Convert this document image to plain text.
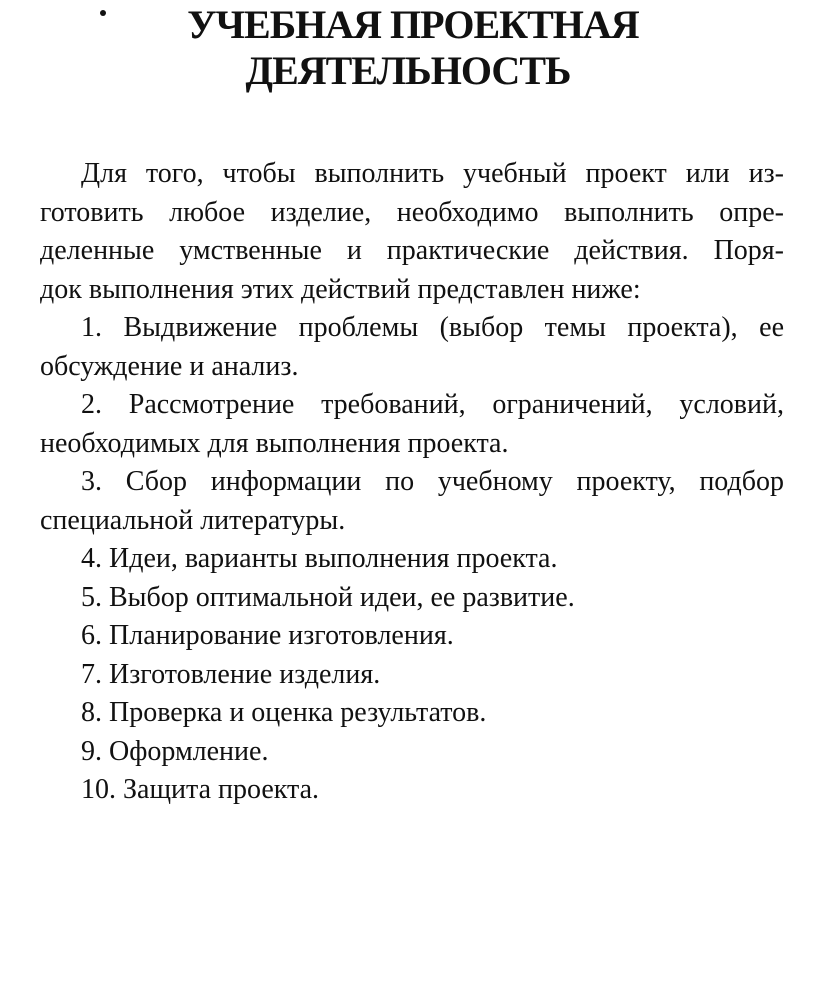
УЧЕБНАЯ ПРОЕКТНАЯ
ДЕЯТЕЛЬНОСТЬ
Для того, чтобы выполнить учебный проект или из-
готовить любое изделие, необходимо выполнить опре-
деленные умственные и практические действия. Поря-
док выполнения этих действий представлен ниже:
1. Выдвижение проблемы (выбор темы проекта), ее
обсуждение и анализ.
2. Рассмотрение требований, ограничений, условий,
необходимых для выполнения проекта.
3. Сбор информации по учебному проекту, подбор
специальной литературы.
4. Идеи, варианты выполнения проекта.
5. Выбор оптимальной идеи, ее развитие.
6. Планирование изготовления.
7. Изготовление изделия.
8. Проверка и оценка результатов.
9. Оформление.
10. Защита проекта.
